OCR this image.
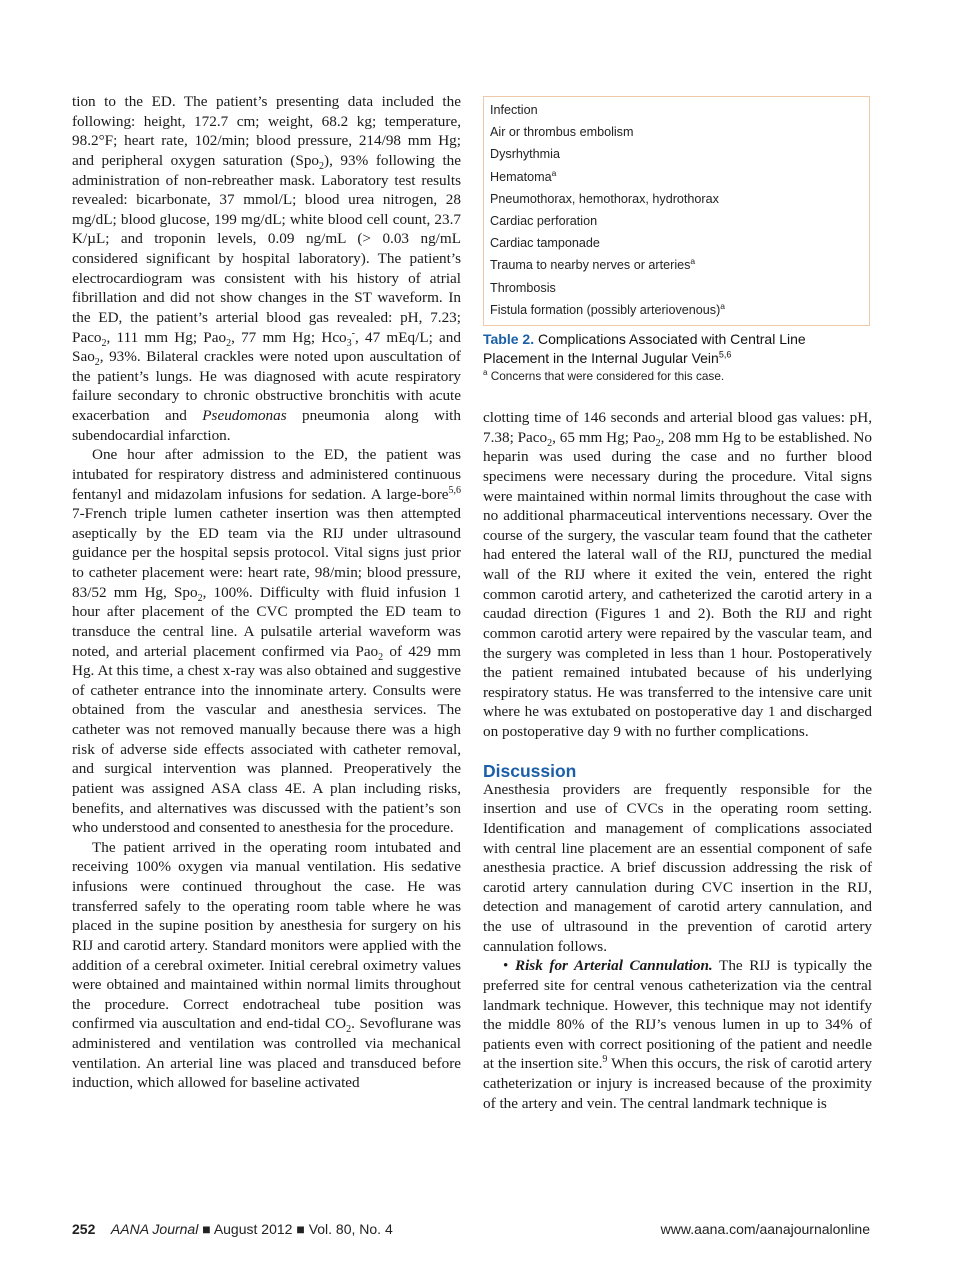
tion to the ED. The patient’s presenting data included the following: height, 172.7 cm; weight, 68.2 kg; temperature, 98.2°F; heart rate, 102/min; blood pressure, 214/98 mm Hg; and peripheral oxygen saturation (Spo$_2$), 93% following the administration of non-rebreather mask. Laboratory test results revealed: bicarbonate, 37 mmol/L; blood urea nitrogen, 28 mg/dL; blood glucose, 199 mg/dL; white blood cell count, 23.7 K/µL; and troponin levels, 0.09 ng/mL (> 0.03 ng/mL considered significant by hospital laboratory). The patient’s electrocardiogram was consistent with his history of atrial fibrillation and did not show changes in the ST waveform. In the ED, the patient’s arterial blood gas revealed: pH, 7.23; Paco$_2$, 111 mm Hg; Pao$_2$, 77 mm Hg; Hco$_3$-, 47 mEq/L; and Sao$_2$, 93%. Bilateral crackles were noted upon auscultation of the patient’s lungs. He was diagnosed with acute respiratory failure secondary to chronic obstructive bronchitis with acute exacerbation and Pseudomonas pneumonia along with subendocardial infarction.

One hour after admission to the ED, the patient was intubated for respiratory distress and administered continuous fentanyl and midazolam infusions for sedation. A large-bore$^{5,6}$ 7-French triple lumen catheter insertion was then attempted aseptically by the ED team via the RIJ under ultrasound guidance per the hospital sepsis protocol. Vital signs just prior to catheter placement were: heart rate, 98/min; blood pressure, 83/52 mm Hg, Spo$_2$, 100%. Difficulty with fluid infusion 1 hour after placement of the CVC prompted the ED team to transduce the central line. A pulsatile arterial waveform was noted, and arterial placement confirmed via Pao$_2$ of 429 mm Hg. At this time, a chest x-ray was also obtained and suggestive of catheter entrance into the innominate artery. Consults were obtained from the vascular and anesthesia services. The catheter was not removed manually because there was a high risk of adverse side effects associated with catheter removal, and surgical intervention was planned. Preoperatively the patient was assigned ASA class 4E. A plan including risks, benefits, and alternatives was discussed with the patient’s son who understood and consented to anesthesia for the procedure.

The patient arrived in the operating room intubated and receiving 100% oxygen via manual ventilation. His sedative infusions were continued throughout the case. He was transferred safely to the operating room table where he was placed in the supine position by anesthesia for surgery on his RIJ and carotid artery. Standard monitors were applied with the addition of a cerebral oximeter. Initial cerebral oximetry values were obtained and maintained within normal limits throughout the procedure. Correct endotracheal tube position was confirmed via auscultation and end-tidal $CO_2$. Sevoflurane was administered and ventilation was controlled via mechanical ventilation. An arterial line was placed and transduced before induction, which allowed for baseline activated

Infection
Air or thrombus embolism
Dysrhythmia
Hematoma$^a$
Pneumothorax, hemothorax, hydrothorax
Cardiac perforation
Cardiac tamponade
Trauma to nearby nerves or arteries$^a$
Thrombosis
Fistula formation (possibly arteriovenous)$^a$
Table 2. Complications Associated with Central Line Placement in the Internal Jugular Vein$^{5,6}$
$^a$ Concerns that were considered for this case.

clotting time of 146 seconds and arterial blood gas values: pH, 7.38; Paco$_2$, 65 mm Hg; Pao$_2$, 208 mm Hg to be established. No heparin was used during the case and no further blood specimens were necessary during the procedure. Vital signs were maintained within normal limits throughout the case with no additional pharmaceutical interventions necessary. Over the course of the surgery, the vascular team found that the catheter had entered the lateral wall of the RIJ, punctured the medial wall of the RIJ where it exited the vein, entered the right common carotid artery, and catheterized the carotid artery in a caudad direction (Figures 1 and 2). Both the RIJ and right common carotid artery were repaired by the vascular team, and the surgery was completed in less than 1 hour. Postoperatively the patient remained intubated because of his underlying respiratory status. He was transferred to the intensive care unit where he was extubated on postoperative day 1 and discharged on postoperative day 9 with no further complications.

Discussion

Anesthesia providers are frequently responsible for the insertion and use of CVCs in the operating room setting. Identification and management of complications associated with central line placement are an essential component of safe anesthesia practice. A brief discussion addressing the risk of carotid artery cannulation during CVC insertion in the RIJ, detection and management of carotid artery cannulation, and the use of ultrasound in the prevention of carotid artery cannulation follows.

• Risk for Arterial Cannulation. The RIJ is typically the preferred site for central venous catheterization via the central landmark technique. However, this technique may not identify the middle 80% of the RIJ’s venous lumen in up to 34% of patients even with correct positioning of the patient and needle at the insertion site.$^9$ When this occurs, the risk of carotid artery catheterization or injury is increased because of the proximity of the artery and vein. The central landmark technique is

252 AANA Journal ■ August 2012 ■ Vol. 80, No. 4	www.aana.com/aanajournalonline
